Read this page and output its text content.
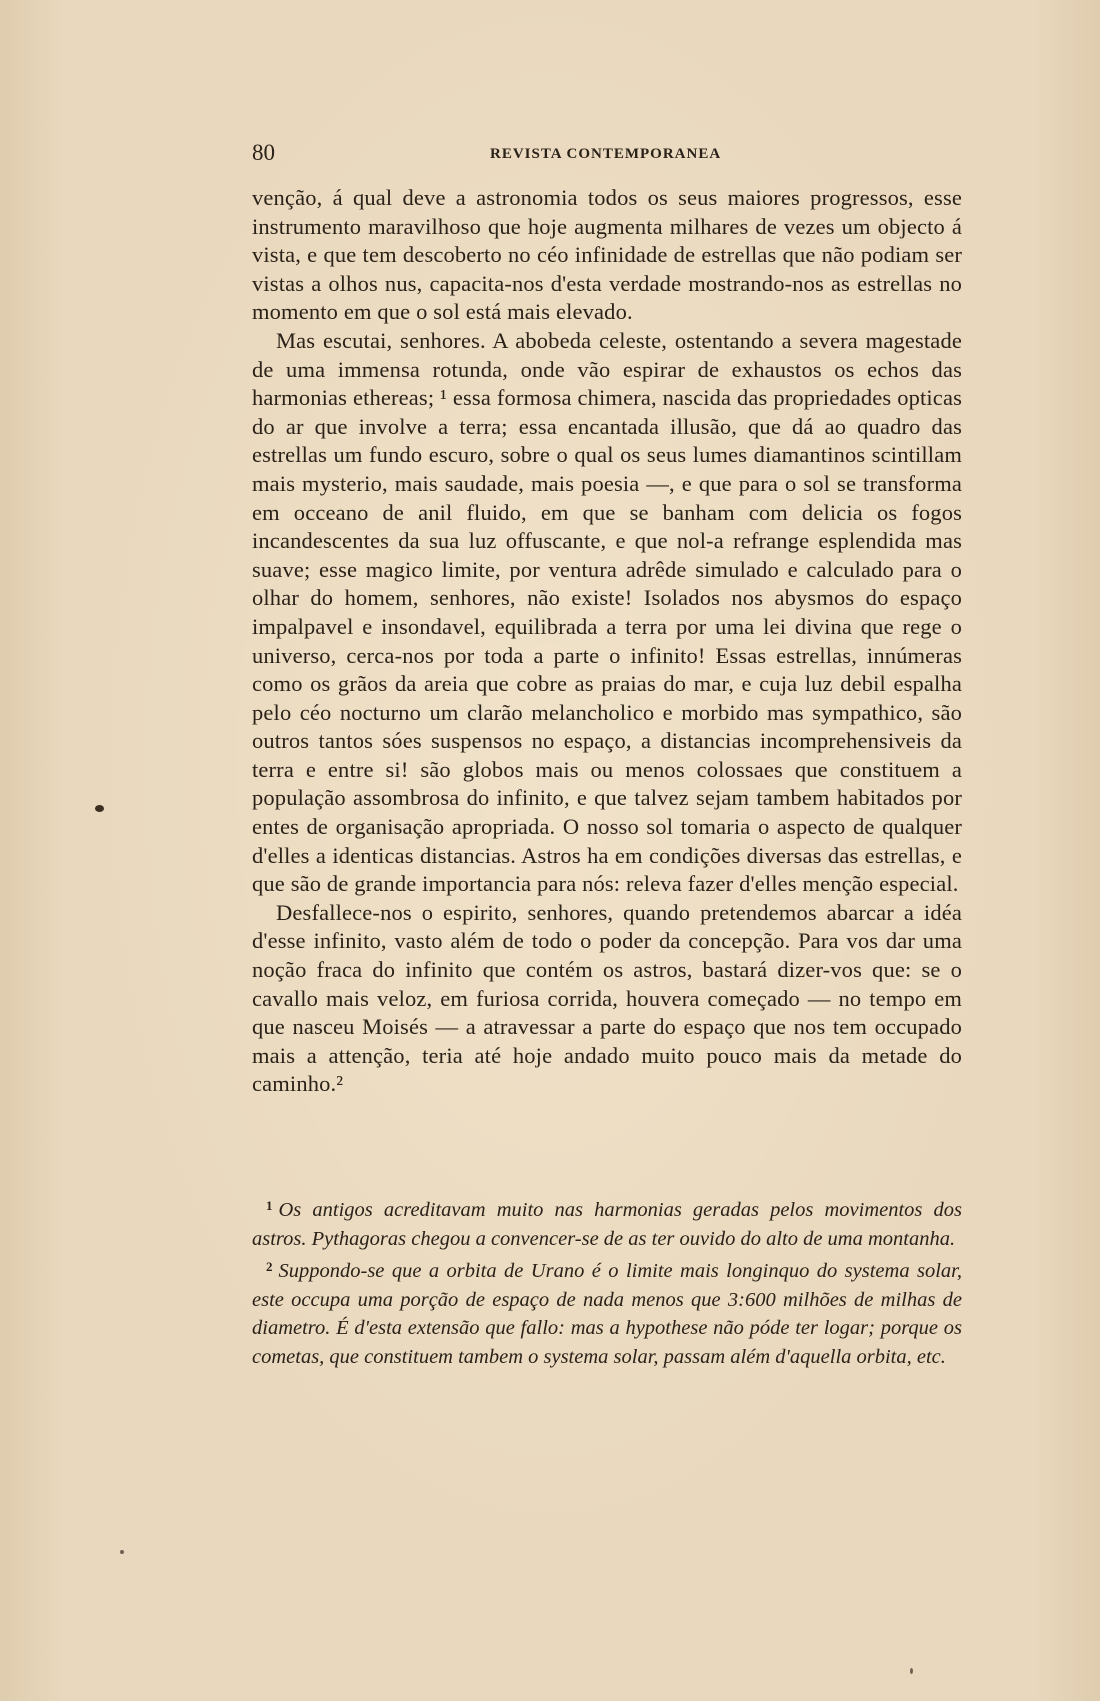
80	REVISTA CONTEMPORANEA

venção, á qual deve a astronomia todos os seus maiores progressos, esse instrumento maravilhoso que hoje augmenta milhares de vezes um objecto á vista, e que tem descoberto no céo infinidade de estrellas que não podiam ser vistas a olhos nus, capacita-nos d'esta verdade mostrando-nos as estrellas no momento em que o sol está mais elevado.

Mas escutai, senhores. A abobeda celeste, ostentando a severa magestade de uma immensa rotunda, onde vão espirar de exhaustos os echos das harmonias ethereas; ¹ essa formosa chimera, nascida das propriedades opticas do ar que involve a terra; essa encantada illusão, que dá ao quadro das estrellas um fundo escuro, sobre o qual os seus lumes diamantinos scintillam mais mysterio, mais saudade, mais poesia —, e que para o sol se transforma em occeano de anil fluido, em que se banham com delicia os fogos incandescentes da sua luz offuscante, e que nol-a refrange esplendida mas suave; esse magico limite, por ventura adrêde simulado e calculado para o olhar do homem, senhores, não existe! Isolados nos abysmos do espaço impalpavel e insondavel, equilibrada a terra por uma lei divina que rege o universo, cerca-nos por toda a parte o infinito! Essas estrellas, innúmeras como os grãos da areia que cobre as praias do mar, e cuja luz debil espalha pelo céo nocturno um clarão melancholico e morbido mas sympathico, são outros tantos sóes suspensos no espaço, a distancias incomprehensiveis da terra e entre si! são globos mais ou menos colossaes que constituem a população assombrosa do infinito, e que talvez sejam tambem habitados por entes de organisação apropriada. O nosso sol tomaria o aspecto de qualquer d'elles a identicas distancias. Astros ha em condições diversas das estrellas, e que são de grande importancia para nós: releva fazer d'elles menção especial.

Desfallece-nos o espirito, senhores, quando pretendemos abarcar a idéa d'esse infinito, vasto além de todo o poder da concepção. Para vos dar uma noção fraca do infinito que contém os astros, bastará dizer-vos que: se o cavallo mais veloz, em furiosa corrida, houvera começado — no tempo em que nasceu Moisés — a atravessar a parte do espaço que nos tem occupado mais a attenção, teria até hoje andado muito pouco mais da metade do caminho.²

$^1$ Os antigos acreditavam muito nas harmonias geradas pelos movimentos dos astros. Pythagoras chegou a convencer-se de as ter ouvido do alto de uma montanha.

$^2$ Suppondo-se que a orbita de Urano é o limite mais longinquo do systema solar, este occupa uma porção de espaço de nada menos que 3:600 milhões de milhas de diametro. É d'esta extensão que fallo: mas a hypothese não póde ter logar; porque os cometas, que constituem tambem o systema solar, passam além d'aquella orbita, etc.
